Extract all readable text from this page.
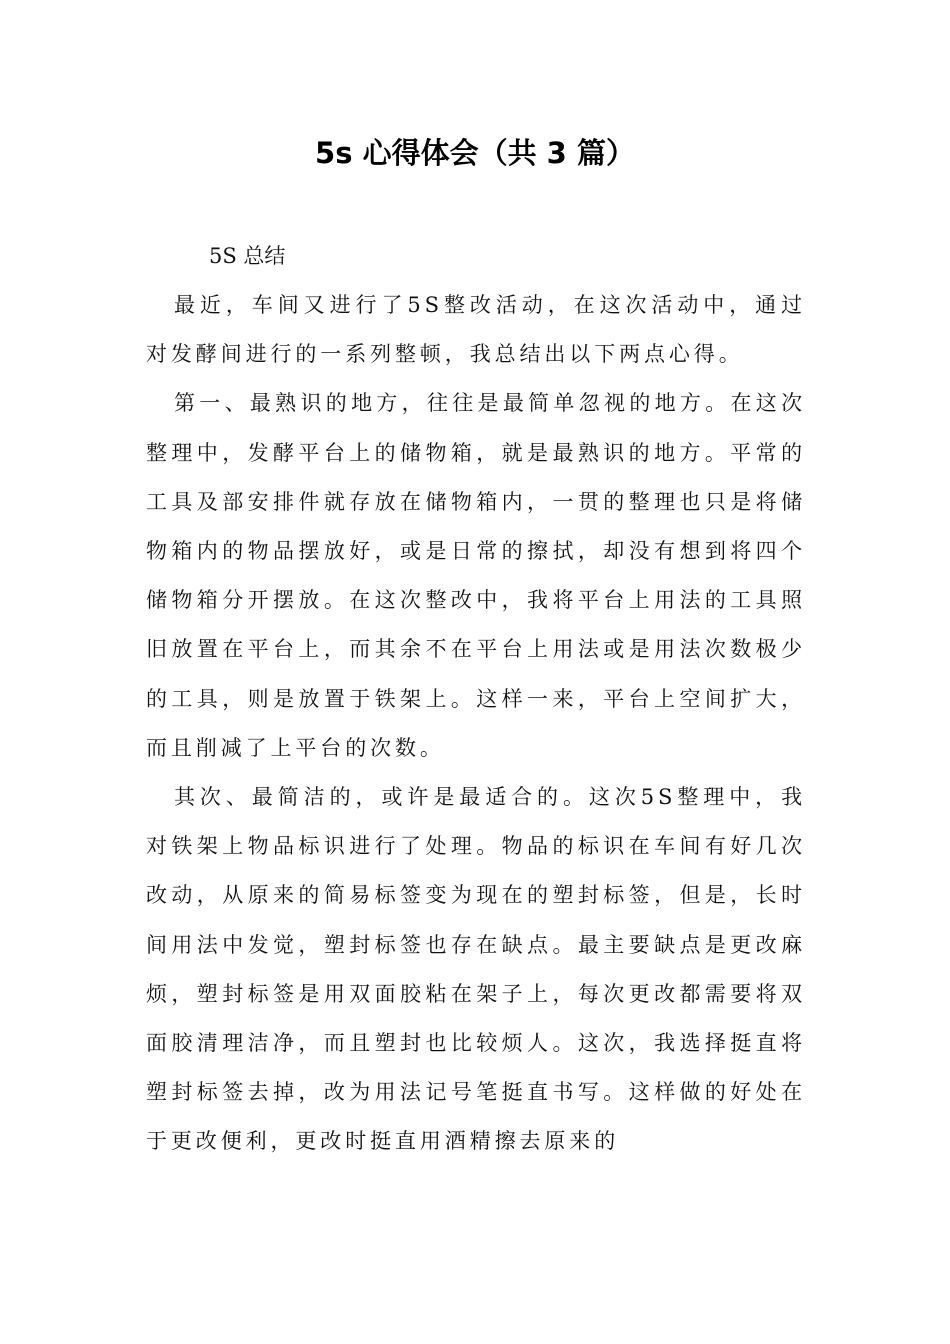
5s 心得体会（共 3 篇）
5S 总结

最近，车间又进行了5S整改活动，在这次活动中，通过对发酵间进行的一系列整顿，我总结出以下两点心得。

第一、最熟识的地方，往往是最简单忽视的地方。在这次整理中，发酵平台上的储物箱，就是最熟识的地方。平常的工具及部安排件就存放在储物箱内，一贯的整理也只是将储物箱内的物品摆放好，或是日常的擦拭，却没有想到将四个储物箱分开摆放。在这次整改中，我将平台上用法的工具照旧放置在平台上，而其余不在平台上用法或是用法次数极少的工具，则是放置于铁架上。这样一来，平台上空间扩大，而且削减了上平台的次数。

其次、最简洁的，或许是最适合的。这次5S整理中，我对铁架上物品标识进行了处理。物品的标识在车间有好几次改动，从原来的简易标签变为现在的塑封标签，但是，长时间用法中发觉，塑封标签也存在缺点。最主要缺点是更改麻烦，塑封标签是用双面胶粘在架子上，每次更改都需要将双面胶清理洁净，而且塑封也比较烦人。这次，我选择挺直将塑封标签去掉，改为用法记号笔挺直书写。这样做的好处在于更改便利，更改时挺直用酒精擦去原来的
